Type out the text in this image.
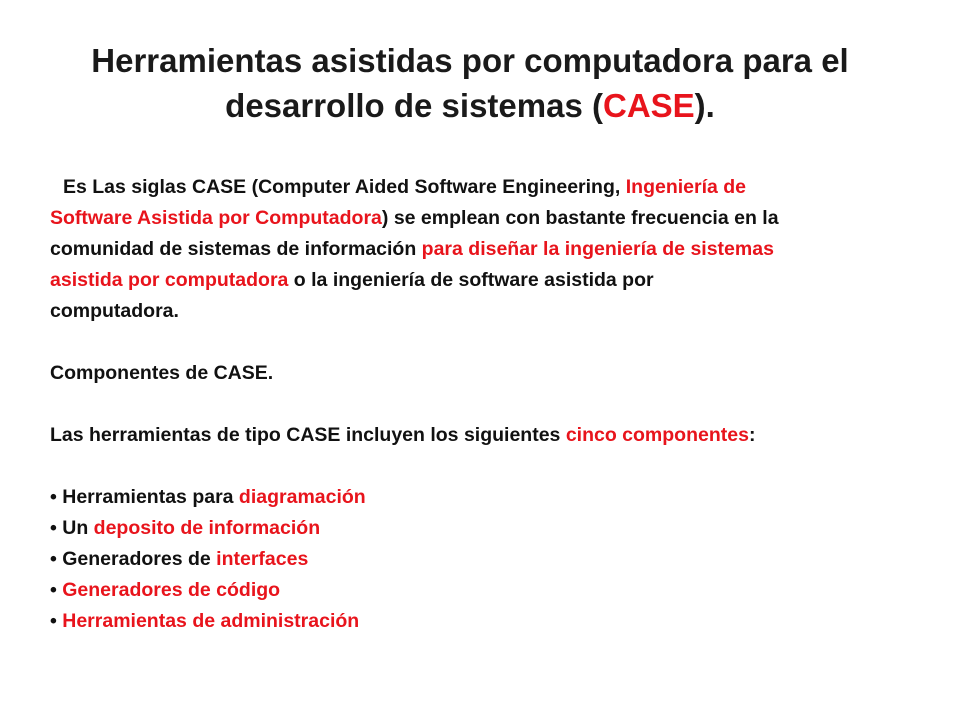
Herramientas asistidas por computadora para el
desarrollo de sistemas (CASE).
Es Las siglas CASE (Computer Aided Software Engineering, Ingeniería de
Software Asistida por Computadora) se emplean con bastante frecuencia en la
comunidad de sistemas de información para diseñar la ingeniería de sistemas
asistida por computadora o la ingeniería de software asistida por
computadora.
Componentes de CASE.
Las herramientas de tipo CASE incluyen los siguientes cinco componentes:
• Herramientas para diagramación
• Un deposito de información
• Generadores de interfaces
• Generadores de código
• Herramientas de administración
